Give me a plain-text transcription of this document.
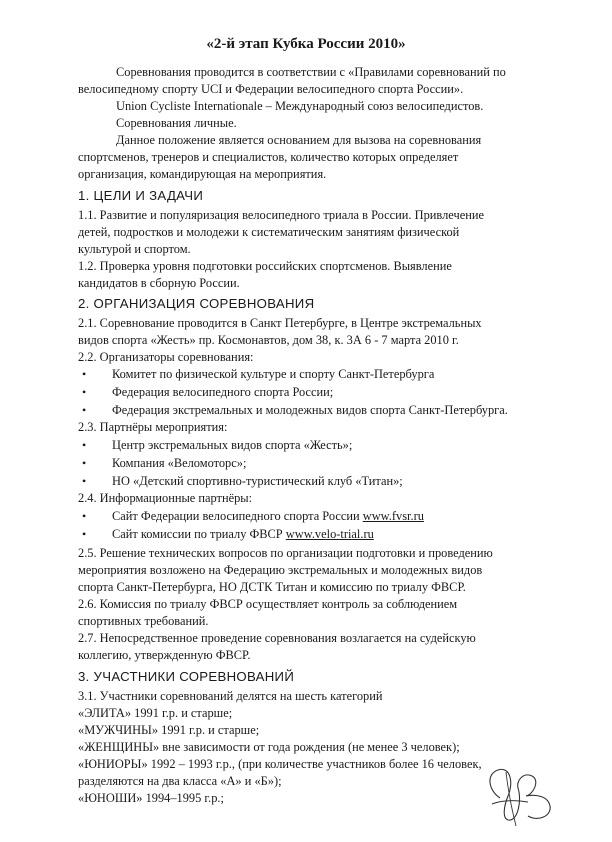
«2-й этап Кубка России 2010»
Соревнования проводится в соответствии с «Правилами соревнований по
велосипедному спорту UCI и Федерации велосипедного спорта России».
Union Cycliste Internationale – Международный союз велосипедистов.
Соревнования личные.
Данное положение является основанием для вызова на соревнования
спортсменов, тренеров и специалистов, количество которых определяет
организация, командирующая на мероприятия.
1. ЦЕЛИ И ЗАДАЧИ
1.1. Развитие и популяризация велосипедного триала в России. Привлечение
детей, подростков и молодежи к систематическим занятиям физической
культурой и спортом.
1.2. Проверка уровня подготовки российских спортсменов. Выявление
кандидатов в сборную России.
2. ОРГАНИЗАЦИЯ СОРЕВНОВАНИЯ
2.1. Соревнование проводится в Санкт Петербурге, в Центре экстремальных
видов спорта «Жесть» пр. Космонавтов, дом 38, к. 3А 6 - 7 марта 2010 г.
2.2. Организаторы соревнования:
•	Комитет по физической культуре и спорту Санкт-Петербурга
•	Федерация велосипедного спорта России;
•	Федерация экстремальных и молодежных видов спорта Санкт-Петербурга.
2.3. Партнёры мероприятия:
•	Центр экстремальных видов спорта «Жесть»;
•	Компания «Веломоторс»;
•	НО «Детский спортивно-туристический клуб «Титан»;
2.4. Информационные партнёры:
•	Сайт Федерации велосипедного спорта России www.fvsr.ru
•	Сайт комиссии по триалу ФВСР www.velo-trial.ru
2.5. Решение технических вопросов по организации подготовки и проведению
мероприятия возложено на Федерацию экстремальных и молодежных видов
спорта Санкт-Петербурга, НО ДСТК Титан и комиссию по триалу ФВСР.
2.6. Комиссия по триалу ФВСР осуществляет контроль за соблюдением
спортивных требований.
2.7. Непосредственное проведение соревнования возлагается на судейскую
коллегию, утвержденную ФВСР.
3. УЧАСТНИКИ СОРЕВНОВАНИЙ
3.1. Участники соревнований делятся на шесть категорий
«ЭЛИТА» 1991 г.р. и старше;
«МУЖЧИНЫ» 1991 г.р. и старше;
«ЖЕНЩИНЫ» вне зависимости от года рождения (не менее 3 человек);
«ЮНИОРЫ» 1992 – 1993 г.р., (при количестве участников более 16 человек,
разделяются на два класса «А» и «Б»);
«ЮНОШИ» 1994–1995 г.р.;
